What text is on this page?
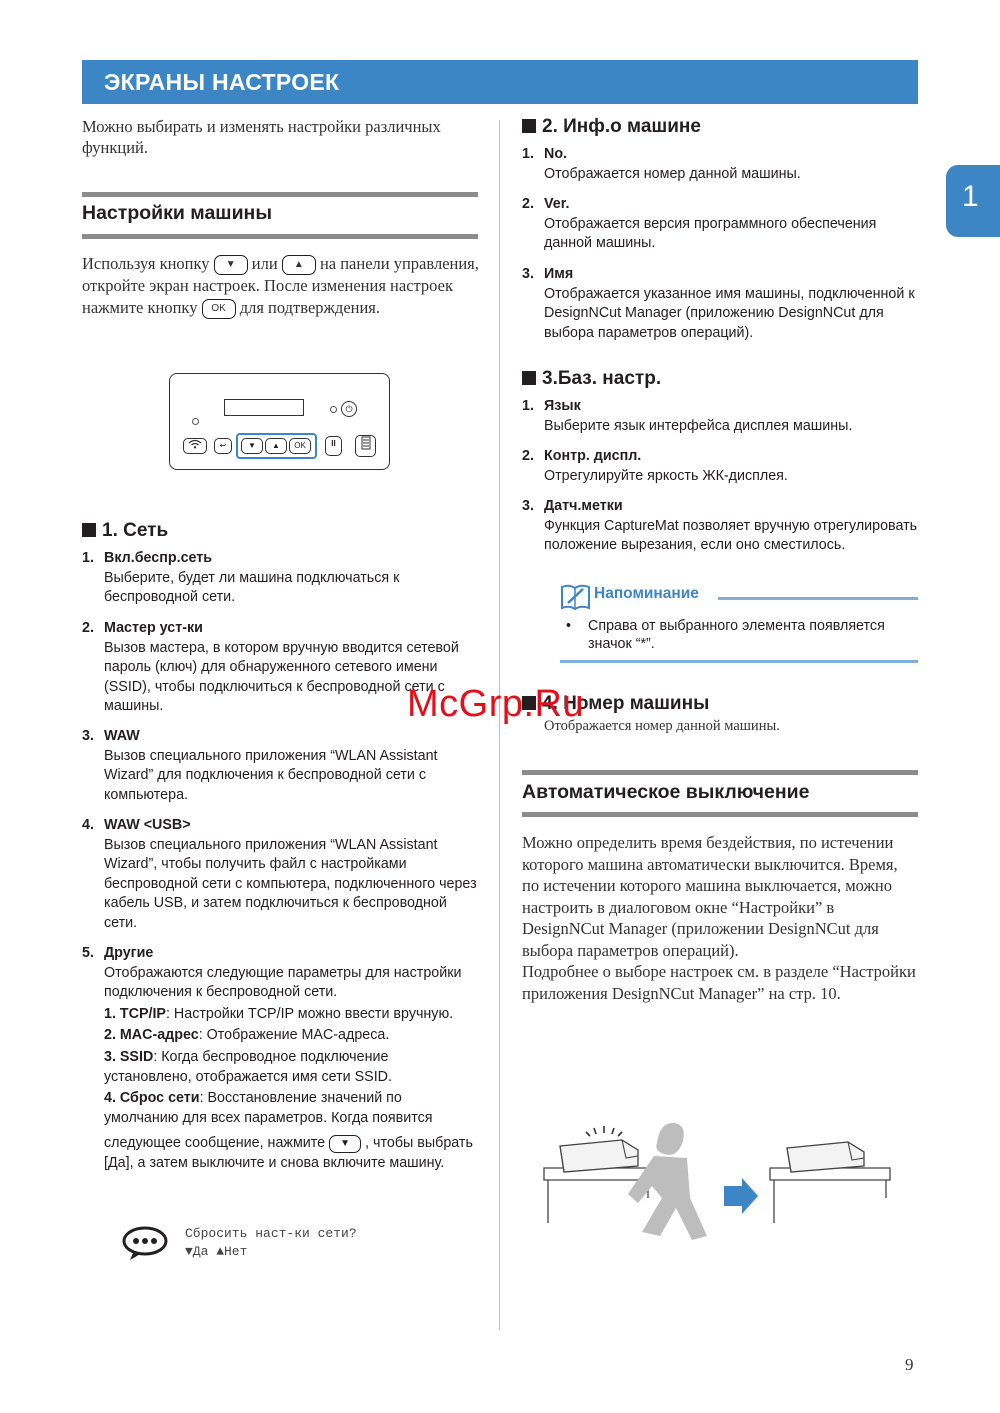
ЭКРАНЫ НАСТРОЕК
1
Можно выбирать и изменять настройки различных функций.
Настройки машины
Используя кнопку ▼ или ▲ на панели управления, откройте экран настроек. После изменения настроек нажмите кнопку OK для подтверждения.
⏻
↩	▼	▲	OK	II
1. Сеть
1. Вкл.беспр.сеть
Выберите, будет ли машина подключаться к беспроводной сети.
2. Мастер уст-ки
Вызов мастера, в котором вручную вводится сетевой пароль (ключ) для обнаруженного сетевого имени (SSID), чтобы подключиться к беспроводной сети с машины.
3. WAW
Вызов специального приложения “WLAN Assistant Wizard” для подключения к беспроводной сети с компьютера.
4. WAW <USB>
Вызов специального приложения “WLAN Assistant Wizard”, чтобы получить файл с настройками беспроводной сети с компьютера, подключенного через кабель USB, и затем подключиться к беспроводной сети.
5. Другие
Отображаются следующие параметры для настройки подключения к беспроводной сети.
1. TCP/IP: Настройки TCP/IP можно ввести вручную.
2. MAC-адрес: Отображение MAC-адреса.
3. SSID: Когда беспроводное подключение установлено, отображается имя сети SSID.
4. Сброс сети: Восстановление значений по умолчанию для всех параметров. Когда появится
следующее сообщение, нажмите ▼ , чтобы выбрать [Да], а затем выключите и снова включите машину.
Сбросить наст-ки сети?
▼Да ▲Нет
2. Инф.о машине
1. No.
Отображается номер данной машины.
2. Ver.
Отображается версия программного обеспечения данной машины.
3. Имя
Отображается указанное имя машины, подключенной к DesignNCut Manager (приложению DesignNCut для выбора параметров операций).
3.Баз. настр.
1. Язык
Выберите язык интерфейса дисплея машины.
2. Контр. диспл.
Отрегулируйте яркость ЖК-дисплея.
3. Датч.метки
Функция CaptureMat позволяет вручную отрегулировать положение вырезания, если оно сместилось.
Напоминание
• Справа от выбранного элемента появляется значок “*”.
4. Номер машины
Отображается номер данной машины.
Автоматическое выключение
Можно определить время бездействия, по истечении которого машина автоматически выключится. Время, по истечении которого машина выключается, можно настроить в диалоговом окне “Настройки” в DesignNCut Manager (приложении DesignNCut для выбора параметров операций).
Подробнее о выборе настроек см. в разделе “Настройки приложения DesignNCut Manager” на стр. 10.
McGrp.Ru
9
